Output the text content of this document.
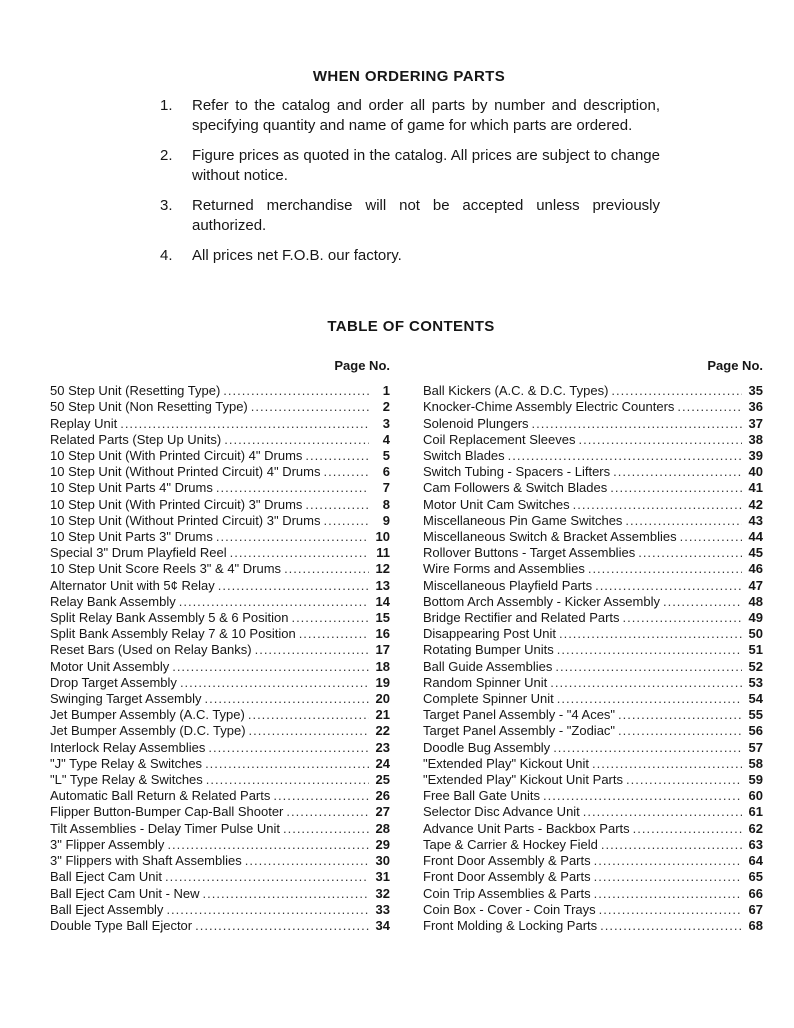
WHEN ORDERING PARTS
1.	Refer to the catalog and order all parts by number and description, specifying quantity and name of game for which parts are ordered.
2.	Figure prices as quoted in the catalog. All prices are subject to change without notice.
3.	Returned merchandise will not be accepted unless previously authorized.
4.	All prices net F.O.B. our factory.
TABLE OF CONTENTS
Page No.
50 Step Unit (Resetting Type) .....	1
50 Step Unit (Non Resetting Type) .....	2
Replay Unit .....	3
Related Parts (Step Up Units) .....	4
10 Step Unit (With Printed Circuit) 4" Drums .....	5
10 Step Unit (Without Printed Circuit) 4" Drums .....	6
10 Step Unit Parts 4" Drums .....	7
10 Step Unit (With Printed Circuit) 3" Drums .....	8
10 Step Unit (Without Printed Circuit) 3" Drums .....	9
10 Step Unit Parts 3" Drums .....	10
Special 3" Drum Playfield Reel .....	11
10 Step Unit Score Reels 3" & 4" Drums .....	12
Alternator Unit with 5¢ Relay .....	13
Relay Bank Assembly .....	14
Split Relay Bank Assembly 5 & 6 Position .....	15
Split Bank Assembly Relay 7 & 10 Position .....	16
Reset Bars (Used on Relay Banks) .....	17
Motor Unit Assembly .....	18
Drop Target Assembly .....	19
Swinging Target Assembly .....	20
Jet Bumper Assembly (A.C. Type) .....	21
Jet Bumper Assembly (D.C. Type) .....	22
Interlock Relay Assemblies .....	23
"J" Type Relay & Switches .....	24
"L" Type Relay & Switches .....	25
Automatic Ball Return & Related Parts .....	26
Flipper Button-Bumper Cap-Ball Shooter .....	27
Tilt Assemblies - Delay Timer Pulse Unit .....	28
3" Flipper Assembly .....	29
3" Flippers with Shaft Assemblies .....	30
Ball Eject Cam Unit .....	31
Ball Eject Cam Unit - New .....	32
Ball Eject Assembly .....	33
Double Type Ball Ejector .....	34
Page No.
Ball Kickers (A.C. & D.C. Types) .....	35
Knocker-Chime Assembly Electric Counters .....	36
Solenoid Plungers .....	37
Coil Replacement Sleeves .....	38
Switch Blades .....	39
Switch Tubing - Spacers - Lifters .....	40
Cam Followers & Switch Blades .....	41
Motor Unit Cam Switches .....	42
Miscellaneous Pin Game Switches .....	43
Miscellaneous Switch & Bracket Assemblies .....	44
Rollover Buttons - Target Assemblies .....	45
Wire Forms and Assemblies .....	46
Miscellaneous Playfield Parts .....	47
Bottom Arch Assembly - Kicker Assembly .....	48
Bridge Rectifier and Related Parts .....	49
Disappearing Post Unit .....	50
Rotating Bumper Units .....	51
Ball Guide Assemblies .....	52
Random Spinner Unit .....	53
Complete Spinner Unit .....	54
Target Panel Assembly - "4 Aces" .....	55
Target Panel Assembly - "Zodiac" .....	56
Doodle Bug Assembly .....	57
"Extended Play" Kickout Unit .....	58
"Extended Play" Kickout Unit Parts .....	59
Free Ball Gate Units .....	60
Selector Disc Advance Unit .....	61
Advance Unit Parts - Backbox Parts .....	62
Tape & Carrier & Hockey Field .....	63
Front Door Assembly & Parts .....	64
Front Door Assembly & Parts .....	65
Coin Trip Assemblies & Parts .....	66
Coin Box - Cover - Coin Trays .....	67
Front Molding & Locking Parts .....	68
